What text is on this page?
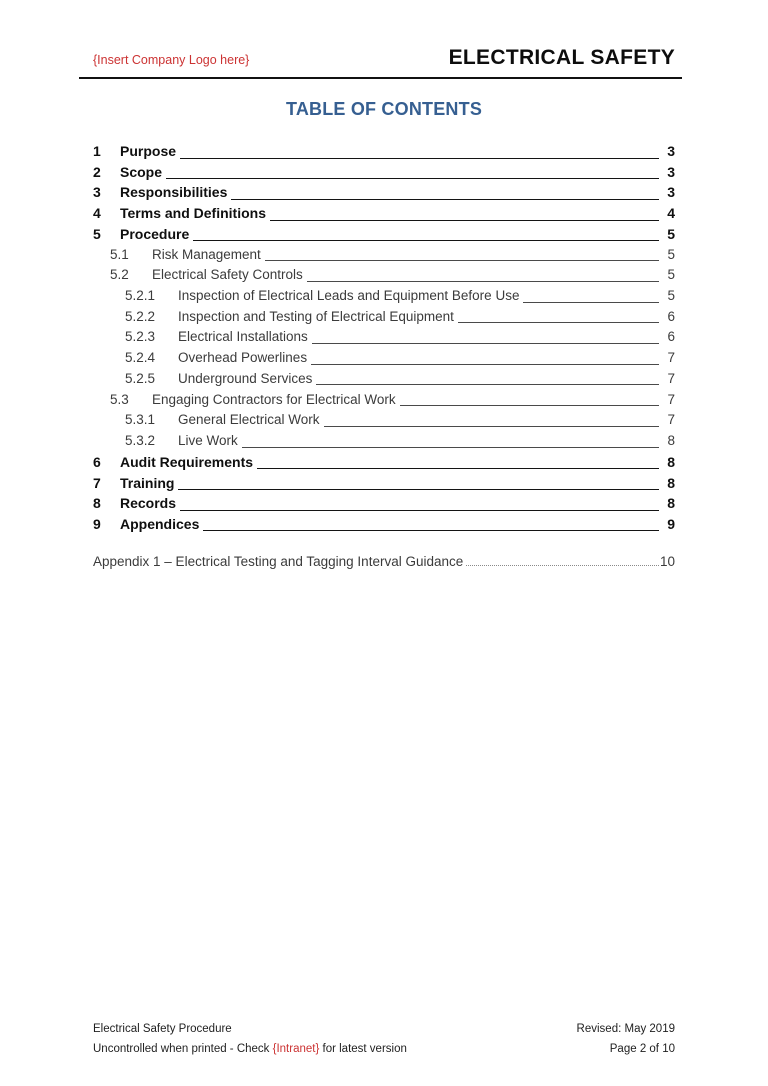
{Insert Company Logo here}	ELECTRICAL SAFETY
TABLE OF CONTENTS
1	Purpose	3
2	Scope	3
3	Responsibilities	3
4	Terms and Definitions	4
5	Procedure	5
5.1	Risk Management	5
5.2	Electrical Safety Controls	5
5.2.1	Inspection of Electrical Leads and Equipment Before Use	5
5.2.2	Inspection and Testing of Electrical Equipment	6
5.2.3	Electrical Installations	6
5.2.4	Overhead Powerlines	7
5.2.5	Underground Services	7
5.3	Engaging Contractors for Electrical Work	7
5.3.1	General Electrical Work	7
5.3.2	Live Work	8
6	Audit Requirements	8
7	Training	8
8	Records	8
9	Appendices	9
Appendix 1 – Electrical Testing and Tagging Interval Guidance	10
Electrical Safety Procedure
Uncontrolled when printed - Check {Intranet} for latest version
Revised: May 2019
Page 2 of 10
